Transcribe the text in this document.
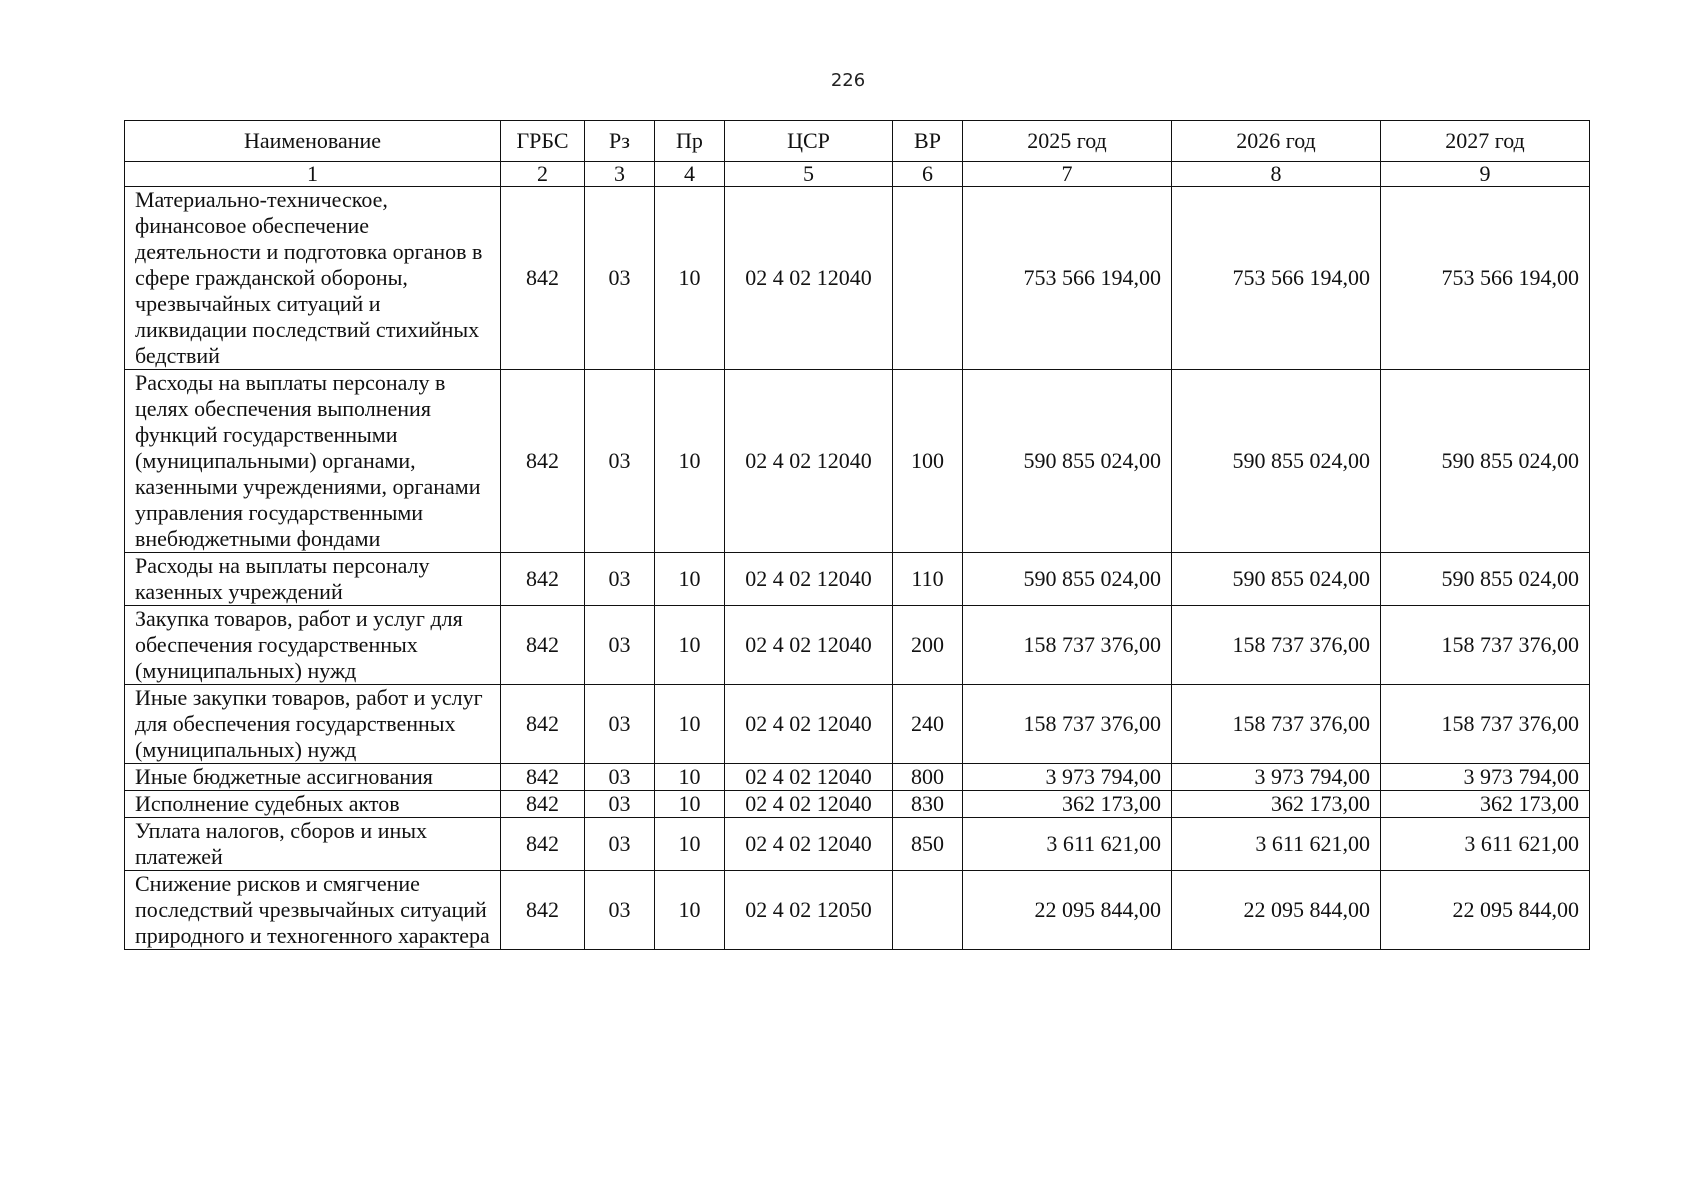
226
Наименование	ГРБС	Рз	Пр	ЦСР	ВР	2025 год	2026 год	2027 год
1	2	3	4	5	6	7	8	9
Материально-техническое, финансовое обеспечение деятельности и подготовка органов в сфере гражданской обороны, чрезвычайных ситуаций и ликвидации последствий стихийных бедствий	842	03	10	02 4 02 12040		753 566 194,00	753 566 194,00	753 566 194,00
Расходы на выплаты персоналу в целях обеспечения выполнения функций государственными (муниципальными) органами, казенными учреждениями, органами управления государственными внебюджетными фондами	842	03	10	02 4 02 12040	100	590 855 024,00	590 855 024,00	590 855 024,00
Расходы на выплаты персоналу казенных учреждений	842	03	10	02 4 02 12040	110	590 855 024,00	590 855 024,00	590 855 024,00
Закупка товаров, работ и услуг для обеспечения государственных (муниципальных) нужд	842	03	10	02 4 02 12040	200	158 737 376,00	158 737 376,00	158 737 376,00
Иные закупки товаров, работ и услуг для обеспечения государственных (муниципальных) нужд	842	03	10	02 4 02 12040	240	158 737 376,00	158 737 376,00	158 737 376,00
Иные бюджетные ассигнования	842	03	10	02 4 02 12040	800	3 973 794,00	3 973 794,00	3 973 794,00
Исполнение судебных актов	842	03	10	02 4 02 12040	830	362 173,00	362 173,00	362 173,00
Уплата налогов, сборов и иных платежей	842	03	10	02 4 02 12040	850	3 611 621,00	3 611 621,00	3 611 621,00
Снижение рисков и смягчение последствий чрезвычайных ситуаций природного и техногенного характера	842	03	10	02 4 02 12050		22 095 844,00	22 095 844,00	22 095 844,00
